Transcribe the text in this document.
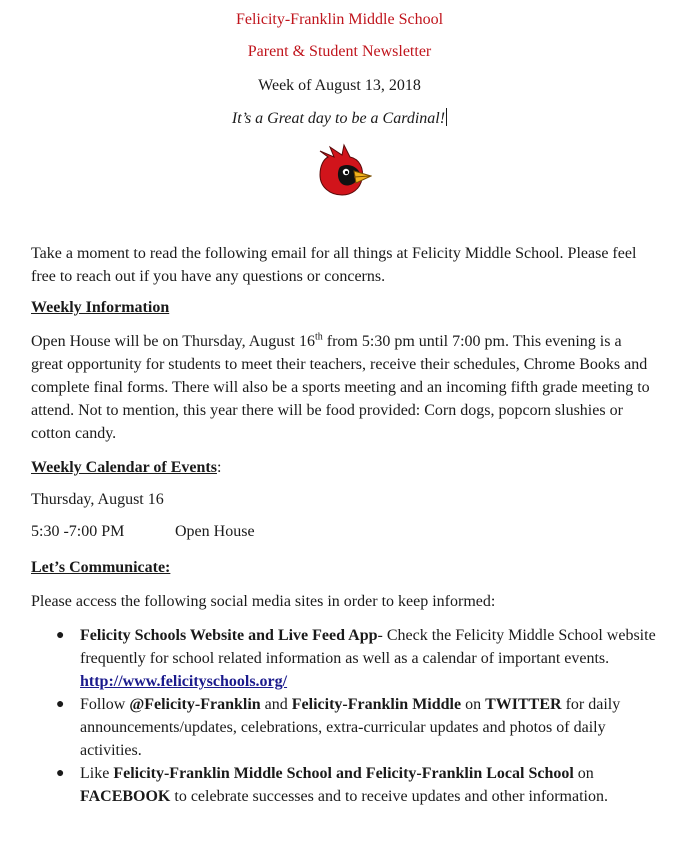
Felicity-Franklin Middle School
Parent & Student Newsletter
Week of August 13, 2018
It’s a Great day to be a Cardinal!

Take a moment to read the following email for all things at Felicity Middle School. Please feel free to reach out if you have any questions or concerns.

Weekly Information

Open House will be on Thursday, August 16th from 5:30 pm until 7:00 pm. This evening is a great opportunity for students to meet their teachers, receive their schedules, Chrome Books and complete final forms. There will also be a sports meeting and an incoming fifth grade meeting to attend. Not to mention, this year there will be food provided: Corn dogs, popcorn slushies or cotton candy.

Weekly Calendar of Events:

Thursday, August 16

5:30 -7:00 PM	Open House

Let’s Communicate:

Please access the following social media sites in order to keep informed:

● Felicity Schools Website and Live Feed App- Check the Felicity Middle School website frequently for school related information as well as a calendar of important events. http://www.felicityschools.org/
● Follow @Felicity-Franklin and Felicity-Franklin Middle on TWITTER for daily announcements/updates, celebrations, extra-curricular updates and photos of daily activities.
● Like Felicity-Franklin Middle School and Felicity-Franklin Local School on FACEBOOK to celebrate successes and to receive updates and other information.
